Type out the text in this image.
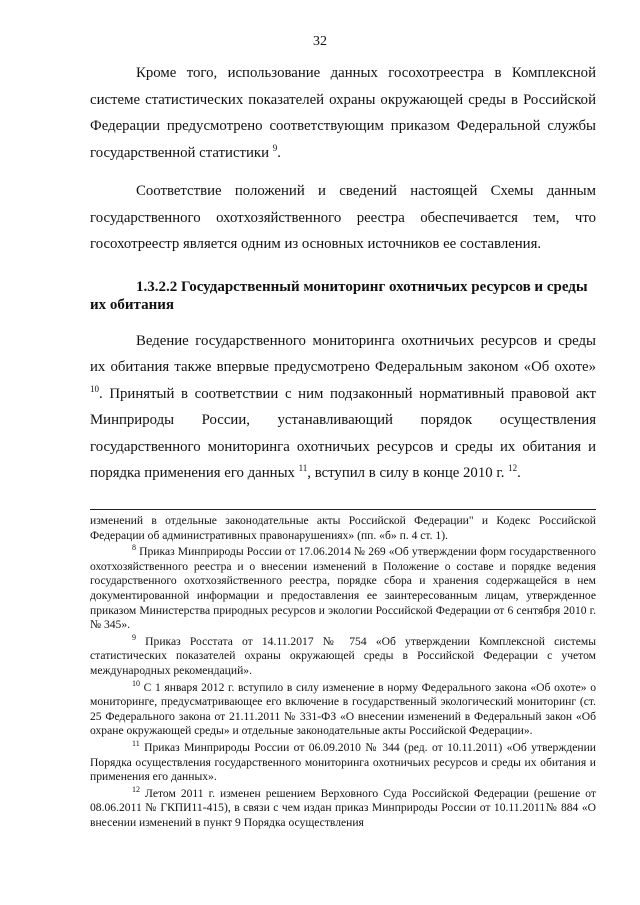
32

Кроме того, использование данных госохотреестра в Комплексной системе статистических показателей охраны окружающей среды в Российской Федерации предусмотрено соответствующим приказом Федеральной службы государственной статистики $^9$.

Соответствие положений и сведений настоящей Схемы данным государственного охотхозяйственного реестра обеспечивается тем, что госохотреестр является одним из основных источников ее составления.

1.3.2.2 Государственный мониторинг охотничьих ресурсов и среды их обитания

Ведение государственного мониторинга охотничьих ресурсов и среды их обитания также впервые предусмотрено Федеральным законом «Об охоте» $^{10}$. Принятый в соответствии с ним подзаконный нормативный правовой акт Минприроды России, устанавливающий порядок осуществления государственного мониторинга охотничьих ресурсов и среды их обитания и порядка применения его данных $^{11}$, вступил в силу в конце 2010 г. $^{12}$.

изменений в отдельные законодательные акты Российской Федерации" и Кодекс Российской Федерации об административных правонарушениях» (пп. «б» п. 4 ст. 1).

$^8$ Приказ Минприроды России от 17.06.2014 № 269 «Об утверждении форм государственного охотхозяйственного реестра и о внесении изменений в Положение о составе и порядке ведения государственного охотхозяйственного реестра, порядке сбора и хранения содержащейся в нем документированной информации и предоставления ее заинтересованным лицам, утвержденное приказом Министерства природных ресурсов и экологии Российской Федерации от 6 сентября 2010 г. № 345».

$^9$ Приказ Росстата от 14.11.2017 № 754 «Об утверждении Комплексной системы статистических показателей охраны окружающей среды в Российской Федерации с учетом международных рекомендаций».

$^{10}$ С 1 января 2012 г. вступило в силу изменение в норму Федерального закона «Об охоте» о мониторинге, предусматривающее его включение в государственный экологический мониторинг (ст. 25 Федерального закона от 21.11.2011 № 331-ФЗ «О внесении изменений в Федеральный закон «Об охране окружающей среды» и отдельные законодательные акты Российской Федерации».

$^{11}$ Приказ Минприроды России от 06.09.2010 № 344 (ред. от 10.11.2011) «Об утверждении Порядка осуществления государственного мониторинга охотничьих ресурсов и среды их обитания и применения его данных».

$^{12}$ Летом 2011 г. изменен решением Верховного Суда Российской Федерации (решение от 08.06.2011 № ГКПИ11-415), в связи с чем издан приказ Минприроды России от 10.11.2011№ 884 «О внесении изменений в пункт 9 Порядка осуществления
